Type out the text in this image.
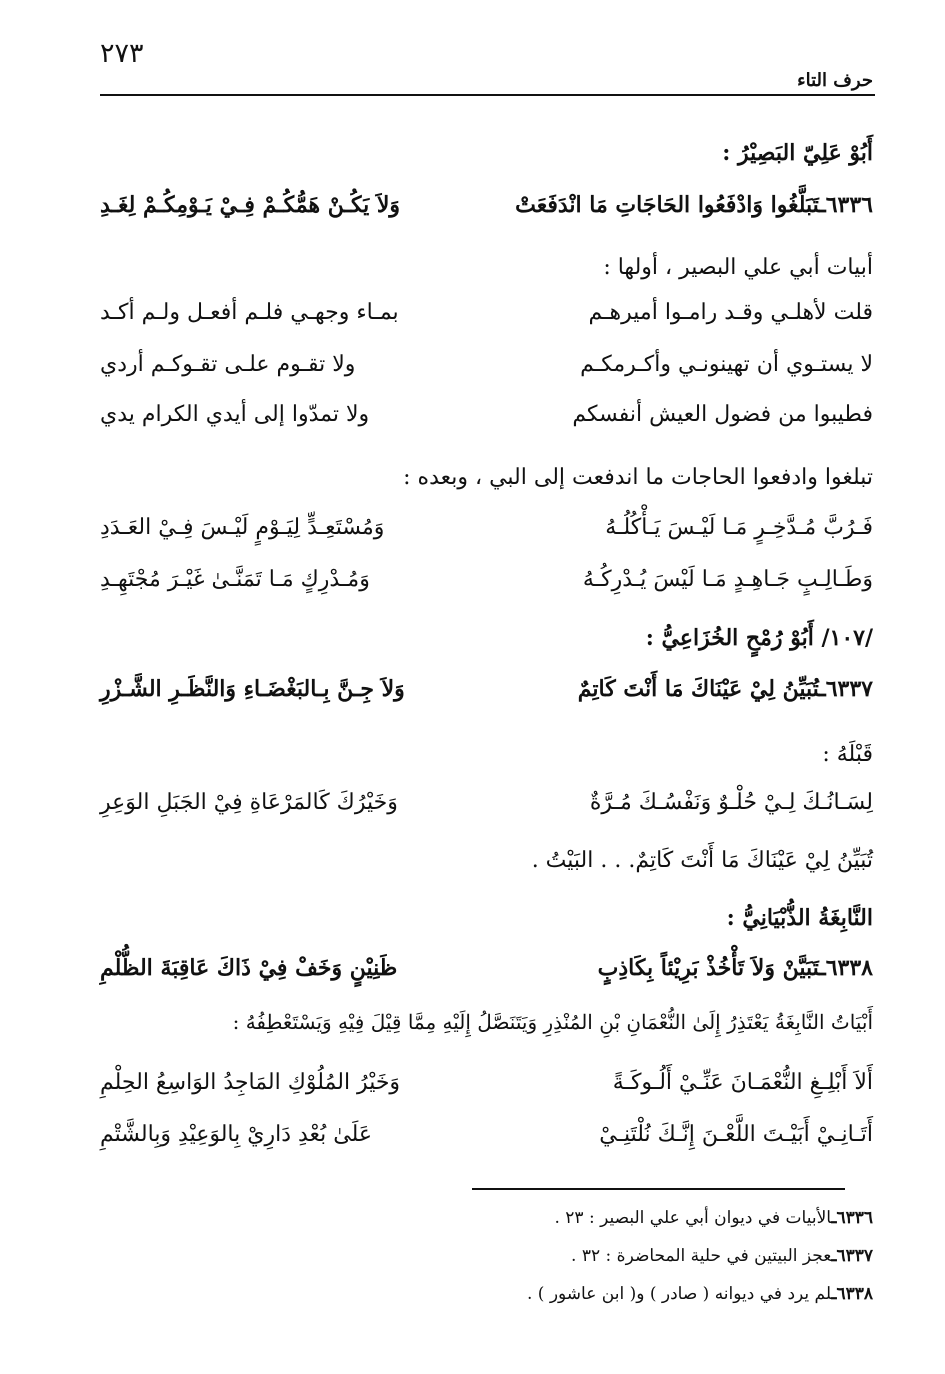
٢٧٣
حرف التاء
أَبُوْ عَلِيّ البَصِيْرُ :
٦٣٣٦ـتَبَلَّغُوا وَادْفَعُوا الحَاجَاتِ مَا انْدَفَعَتْ
وَلاَ يَكُـنْ هَمُّكُـمْ فِـيْ يَـوْمِكُـمْ لِغَـدِ
أبيات أبي علي البصير ، أولها :
قلت لأهلـي وقـد رامـوا أميرهـم
بمـاء وجهـي فلـم أفعـل ولـم أكـد
لا يستـوي أن تهينونـي وأكـرمكـم
ولا تقـوم علـى تقـوكـم أردي
فطيبوا من فضول العيش أنفسكم
ولا تمدّوا إلى أيدي الكرام يدي
تبلغوا وادفعوا الحاجات ما اندفعت إلى البي ، وبعده :
فَـرُبَّ مُـدَّخِـرٍ مَـا لَيْـسَ يَـأْكُلُـهُ
وَمُسْتَعِـدٍّ لِيَـوْمٍ لَيْـسَ فِـيْ العَـدَدِ
وَطَـالِـبٍ جَـاهِـدٍ مَـا لَيْسَ يُـدْرِكُـهُ
وَمُـدْرِكٍ مَـا تَمَنَّـىٰ غَيْـرَ مُجْتَهِـدِ
/١٠٧/ أَبُوْ رُمْحٍ الخُزَاعِيُّ :
٦٣٣٧ـتُبَيِّنُ لِيْ عَيْنَاكَ مَا أَنْتَ كَاتِمٌ
وَلاَ جِـنَّ بِـالبَغْضَـاءِ وَالنَّظَـرِ الشَّـزْرِ
قَبْلَهُ :
لِسَـانُـكَ لِـيْ حُلْـوٌ وَنَفْسُـكَ مُـرَّةٌ
وَخَيْرُكَ كَالمَرْعَاةِ فِيْ الجَبَلِ الوَعِرِ
تُبَيِّنُ لِيْ عَيْنَاكَ مَا أَنْتَ كَاتِمٌ. . . البَيْتُ .
النَّابِغَةُ الذُّبْيَانِيُّ :
٦٣٣٨ـتَبَيَّنْ وَلاَ تَأْخُذْ بَرِيْئاً بِكَاذِبٍ
ظَنِيْنٍ وَخَفْ فِيْ ذَاكَ عَاقِبَةَ الظُّلْمِ
أَبْيَاتُ النَّابِغَةُ يَعْتَذِرُ إِلَىٰ النُّعْمَانِ بْنِ المُنْذِرِ وَيَتَنَصَّلُ إِلَيْهِ مِمَّا قِيْلَ فِيْهِ وَيَسْتَعْطِفُهُ :
أَلاَ أَبْلِـغِ النُّعْمَـانَ عَنِّـيْ أَلُـوكَـةً
وَخَيْرُ المُلُوْكِ المَاجِدُ الوَاسِعُ الحِلْمِ
أَتَـانِـيْ أَبَيْـتَ اللَّعْـنَ إِنَّـكَ نُلْتَنِـيْ
عَلَىٰ بُعْدِ دَارِيْ بِالوَعِيْدِ وَبِالشَّتْمِ
٦٣٣٦ـالأبيات في ديوان أبي علي البصير : ٢٣ .
٦٣٣٧ـعجز البيتين في حلية المحاضرة : ٣٢ .
٦٣٣٨ـلم يرد في ديوانه ( صادر ) و( ابن عاشور ) .
